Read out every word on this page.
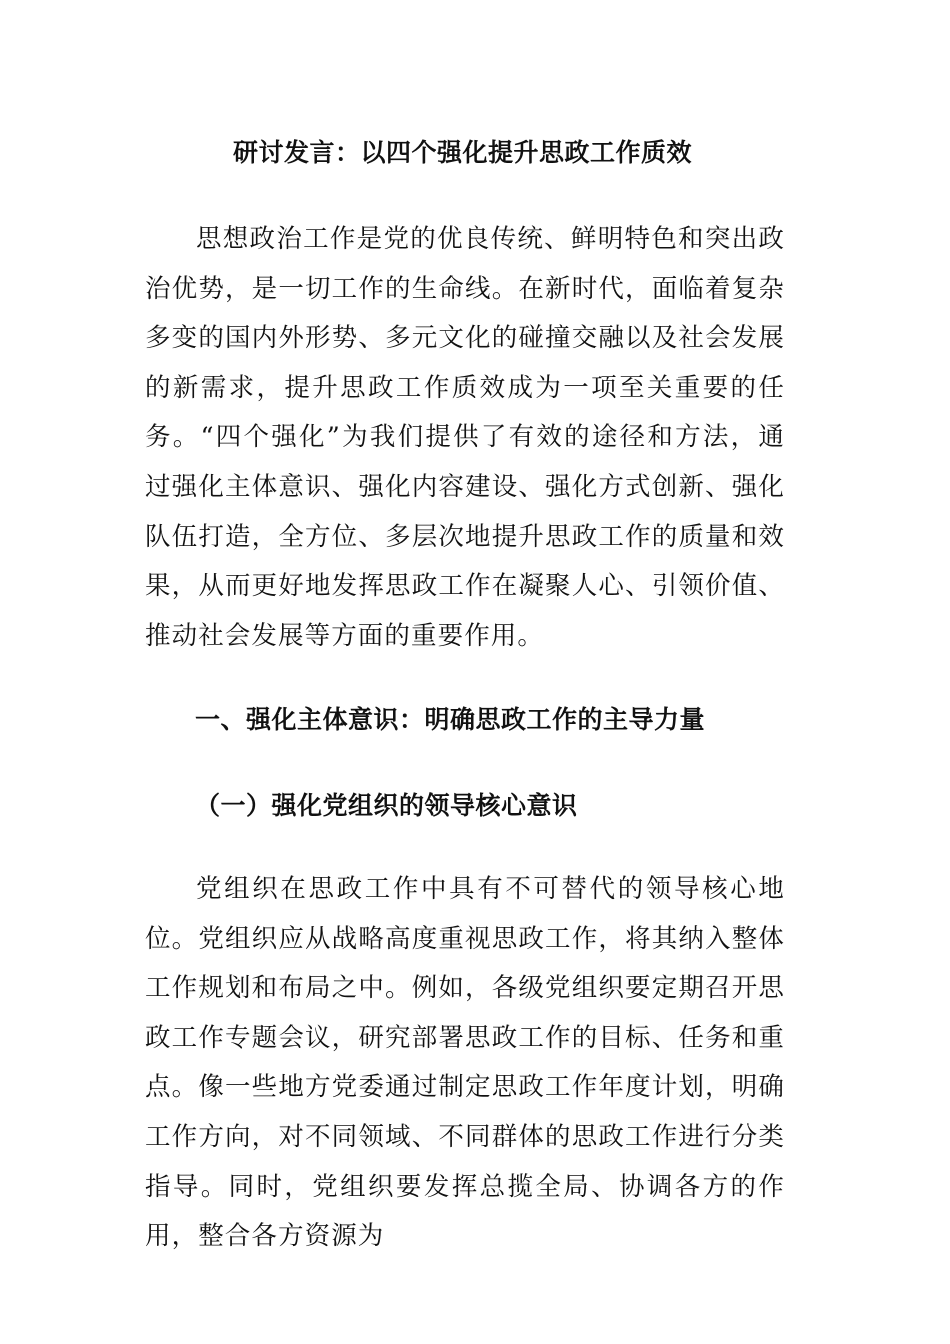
研讨发言：以四个强化提升思政工作质效

思想政治工作是党的优良传统、鲜明特色和突出政治优势，是一切工作的生命线。在新时代，面临着复杂多变的国内外形势、多元文化的碰撞交融以及社会发展的新需求，提升思政工作质效成为一项至关重要的任务。“四个强化”为我们提供了有效的途径和方法，通过强化主体意识、强化内容建设、强化方式创新、强化队伍打造，全方位、多层次地提升思政工作的质量和效果，从而更好地发挥思政工作在凝聚人心、引领价值、推动社会发展等方面的重要作用。

一、强化主体意识：明确思政工作的主导力量
（一）强化党组织的领导核心意识

党组织在思政工作中具有不可替代的领导核心地位。党组织应从战略高度重视思政工作，将其纳入整体工作规划和布局之中。例如，各级党组织要定期召开思政工作专题会议，研究部署思政工作的目标、任务和重点。像一些地方党委通过制定思政工作年度计划，明确工作方向，对不同领域、不同群体的思政工作进行分类指导。同时，党组织要发挥总揽全局、协调各方的作用，整合各方资源为
